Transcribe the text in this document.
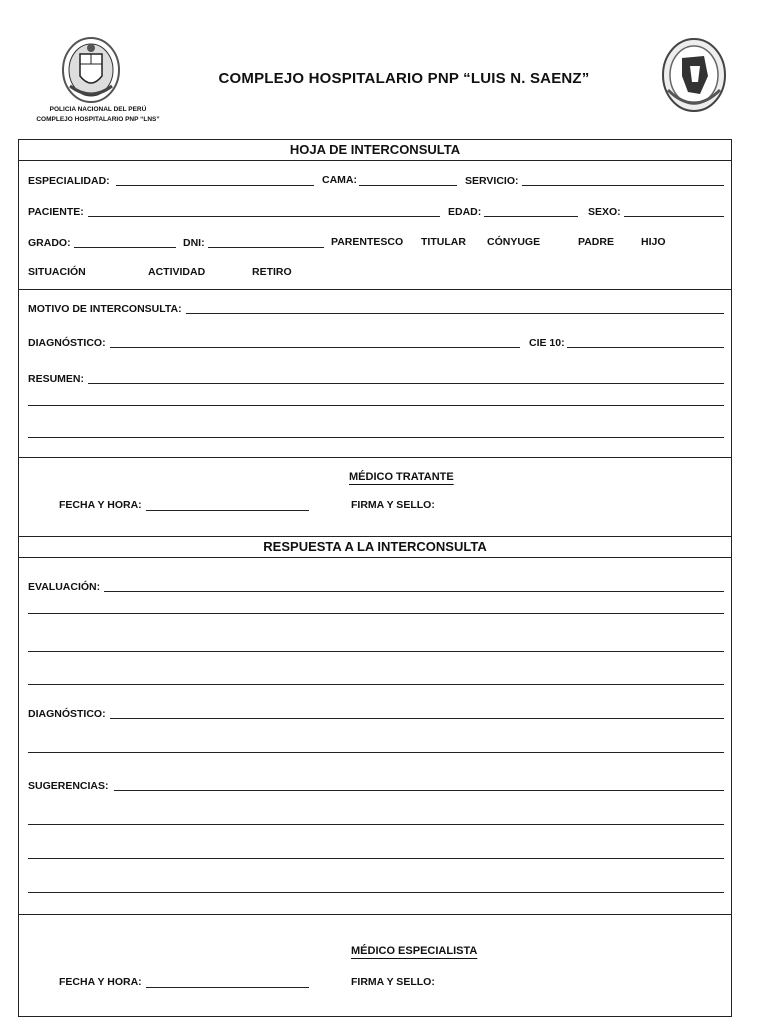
POLICIA NACIONAL DEL PERÚ
COMPLEJO HOSPITALARIO PNP “LNS”
COMPLEJO HOSPITALARIO PNP “LUIS N. SAENZ”
HOJA DE INTERCONSULTA
ESPECIALIDAD:	CAMA:	SERVICIO:
PACIENTE:	EDAD:	SEXO:
GRADO:	DNI:	PARENTESCO TITULAR CÓNYUGE	PADRE	HIJO
SITUACIÓN	ACTIVIDAD	RETIRO
MOTIVO DE INTERCONSULTA:
DIAGNÓSTICO:	CIE 10:
RESUMEN:
MÉDICO TRATANTE
FECHA Y HORA:	FIRMA Y SELLO:
RESPUESTA A LA INTERCONSULTA
EVALUACIÓN:
DIAGNÓSTICO:
SUGERENCIAS:
MÉDICO ESPECIALISTA
FECHA Y HORA:	FIRMA Y SELLO:
